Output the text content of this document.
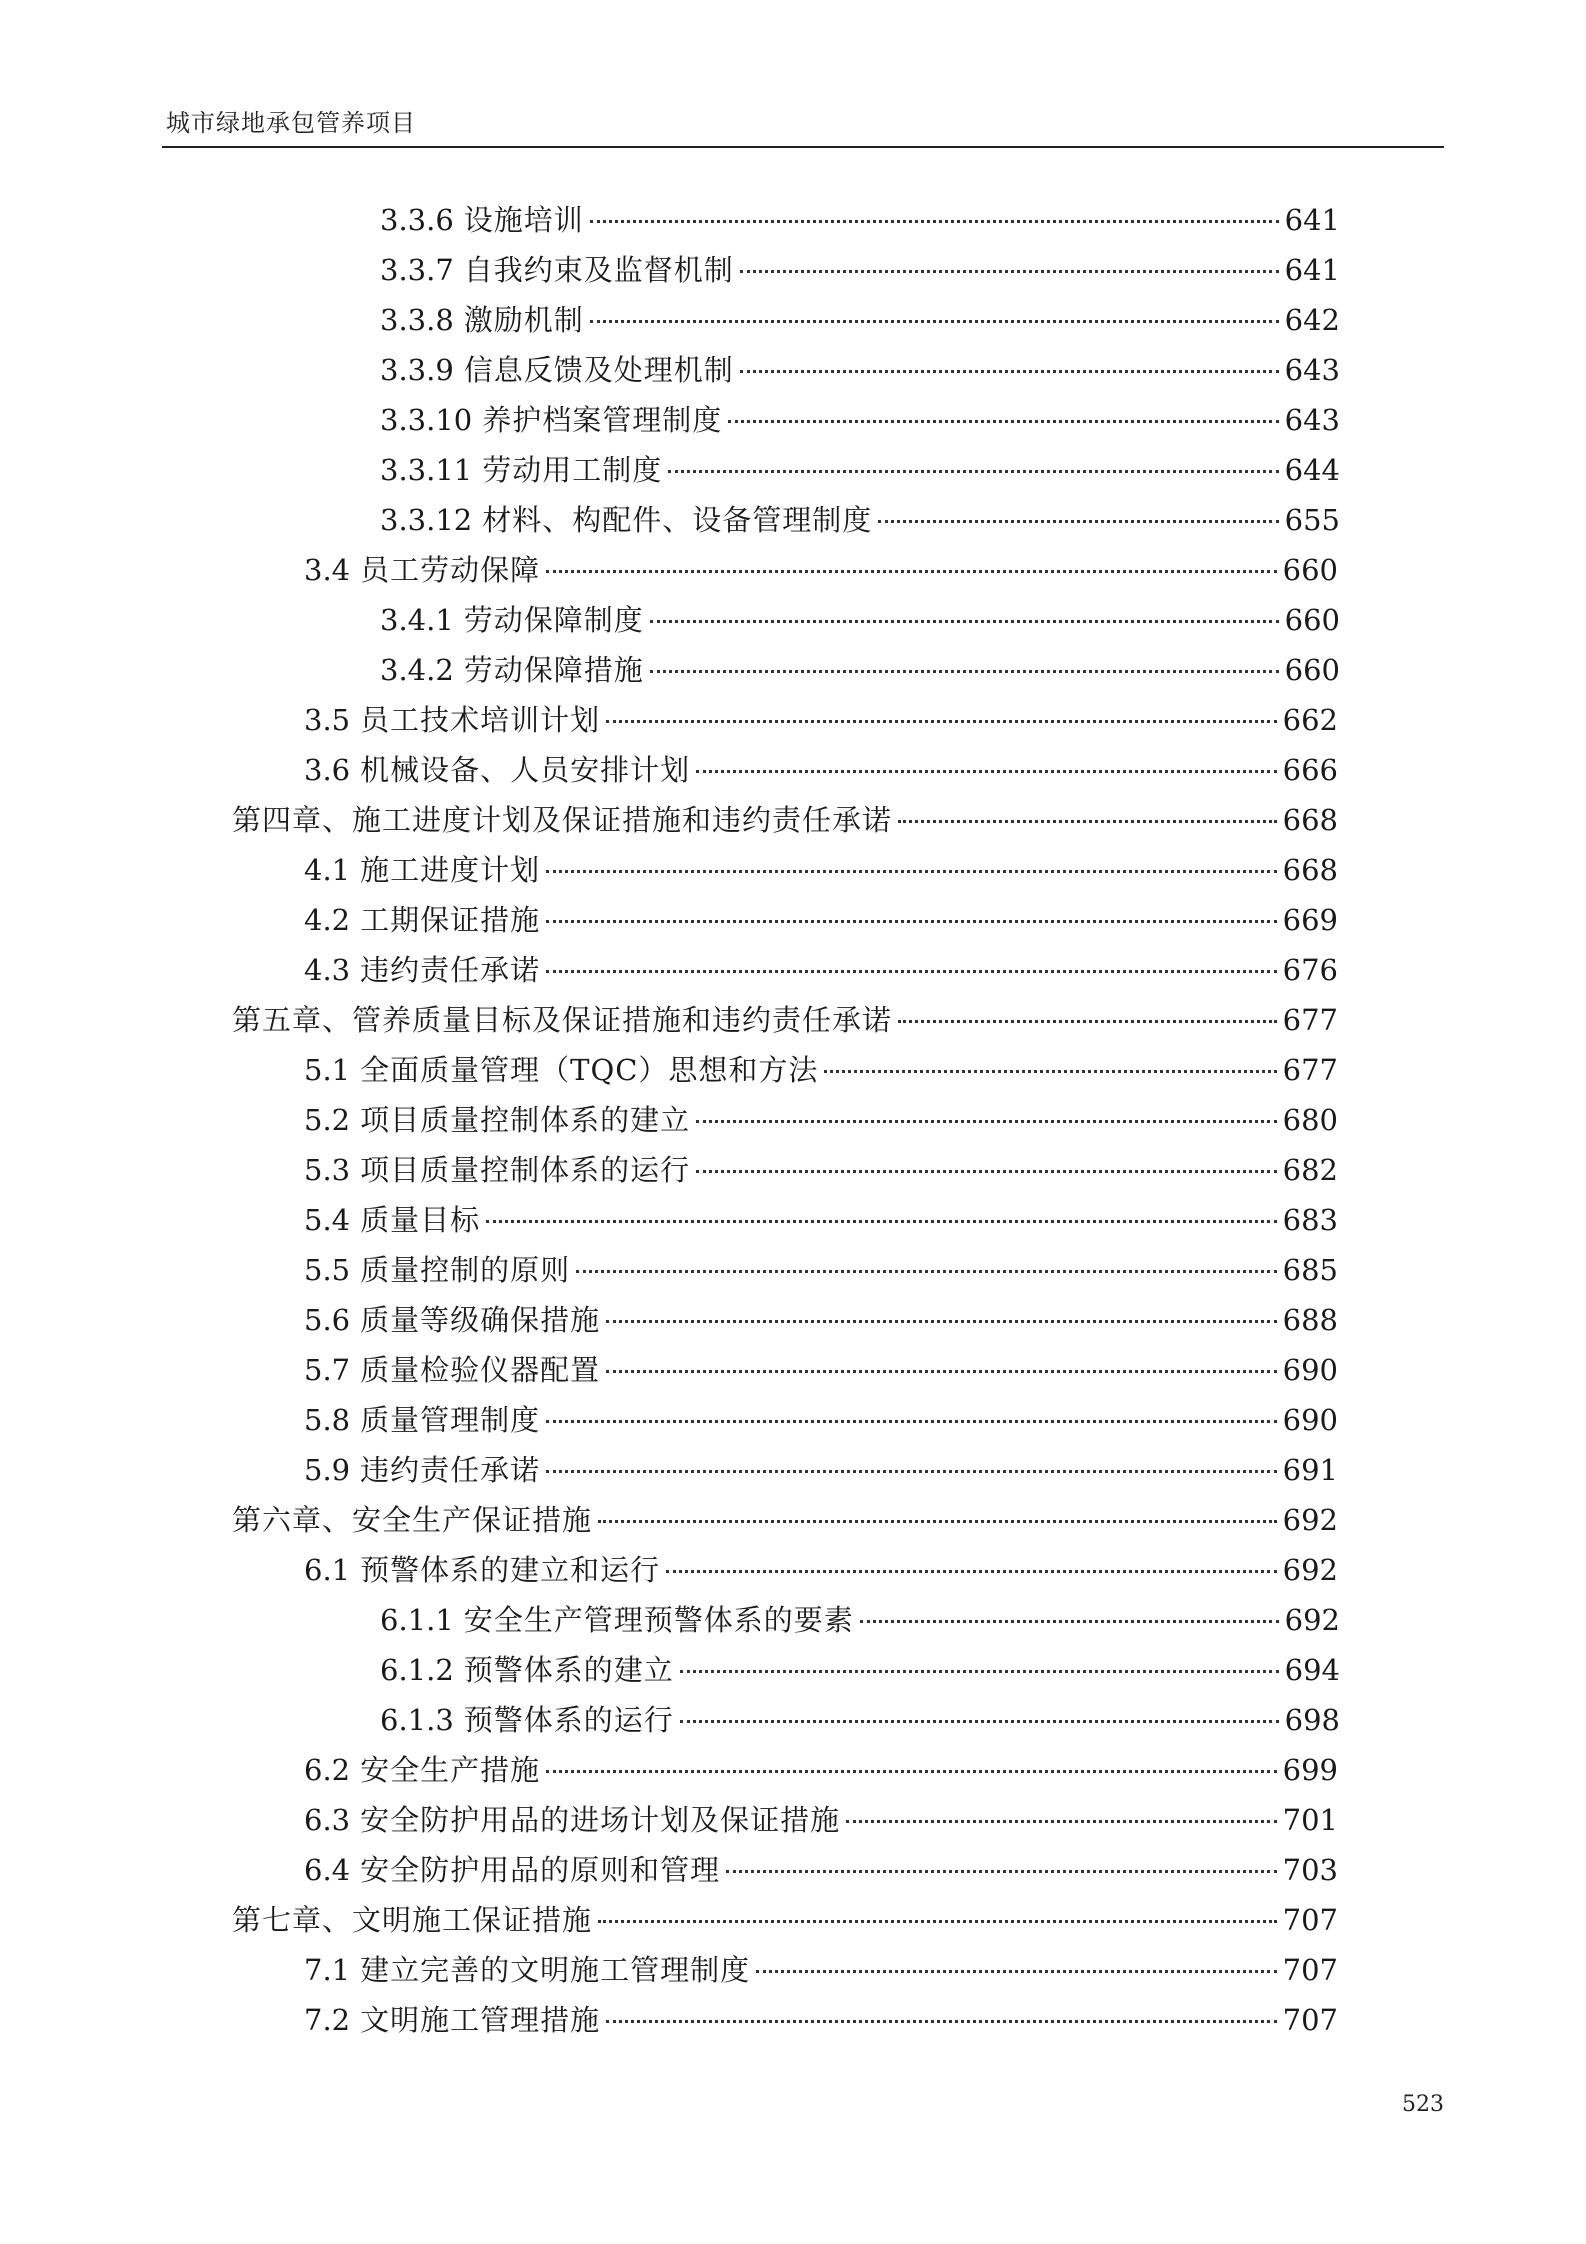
城市绿地承包管养项目
3.3.6 设施培训	641
3.3.7 自我约束及监督机制	641
3.3.8 激励机制	642
3.3.9 信息反馈及处理机制	643
3.3.10 养护档案管理制度	643
3.3.11 劳动用工制度	644
3.3.12 材料、构配件、设备管理制度	655
3.4 员工劳动保障	660
3.4.1 劳动保障制度	660
3.4.2 劳动保障措施	660
3.5 员工技术培训计划	662
3.6 机械设备、人员安排计划	666
第四章、施工进度计划及保证措施和违约责任承诺	668
4.1 施工进度计划	668
4.2 工期保证措施	669
4.3 违约责任承诺	676
第五章、管养质量目标及保证措施和违约责任承诺	677
5.1 全面质量管理（TQC）思想和方法	677
5.2 项目质量控制体系的建立	680
5.3 项目质量控制体系的运行	682
5.4 质量目标	683
5.5 质量控制的原则	685
5.6 质量等级确保措施	688
5.7 质量检验仪器配置	690
5.8 质量管理制度	690
5.9 违约责任承诺	691
第六章、安全生产保证措施	692
6.1 预警体系的建立和运行	692
6.1.1 安全生产管理预警体系的要素	692
6.1.2 预警体系的建立	694
6.1.3 预警体系的运行	698
6.2 安全生产措施	699
6.3 安全防护用品的进场计划及保证措施	701
6.4 安全防护用品的原则和管理	703
第七章、文明施工保证措施	707
7.1 建立完善的文明施工管理制度	707
7.2 文明施工管理措施	707
523
